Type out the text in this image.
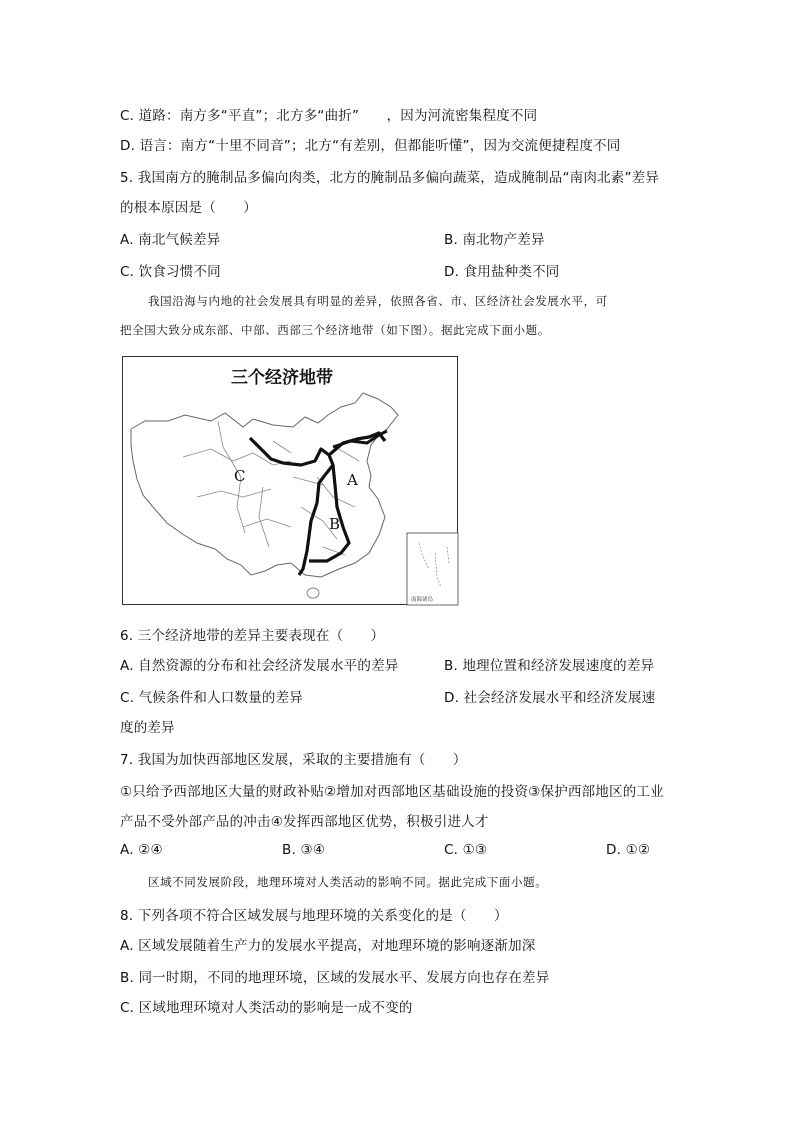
C. 道路：南方多“平直”；北方多“曲折”　　，因为河流密集程度不同
D. 语言：南方“十里不同音”；北方“有差别，但都能听懂”，因为交流便捷程度不同
5. 我国南方的腌制品多偏向肉类，北方的腌制品多偏向蔬菜，造成腌制品“南肉北素”差异
的根本原因是（　　）
A. 南北气候差异	B. 南北物产差异
C. 饮食习惯不同	D. 食用盐种类不同
我国沿海与内地的社会发展具有明显的差异，依照各省、市、区经济社会发展水平，可
把全国大致分成东部、中部、西部三个经济地带（如下图）。据此完成下面小题。
三个经济地带
C	A
B
南海诸岛
6. 三个经济地带的差异主要表现在（　　）
A. 自然资源的分布和社会经济发展水平的差异	B. 地理位置和经济发展速度的差异
C. 气候条件和人口数量的差异	D. 社会经济发展水平和经济发展速
度的差异
7. 我国为加快西部地区发展，采取的主要措施有（　　）
①只给予西部地区大量的财政补贴②增加对西部地区基础设施的投资③保护西部地区的工业
产品不受外部产品的冲击④发挥西部地区优势，积极引进人才
A. ②④	B. ③④	C. ①③	D. ①②
区域不同发展阶段，地理环境对人类活动的影响不同。据此完成下面小题。
8. 下列各项不符合区域发展与地理环境的关系变化的是（　　）
A. 区域发展随着生产力的发展水平提高，对地理环境的影响逐渐加深
B. 同一时期，不同的地理环境，区域的发展水平、发展方向也存在差异
C. 区域地理环境对人类活动的影响是一成不变的
